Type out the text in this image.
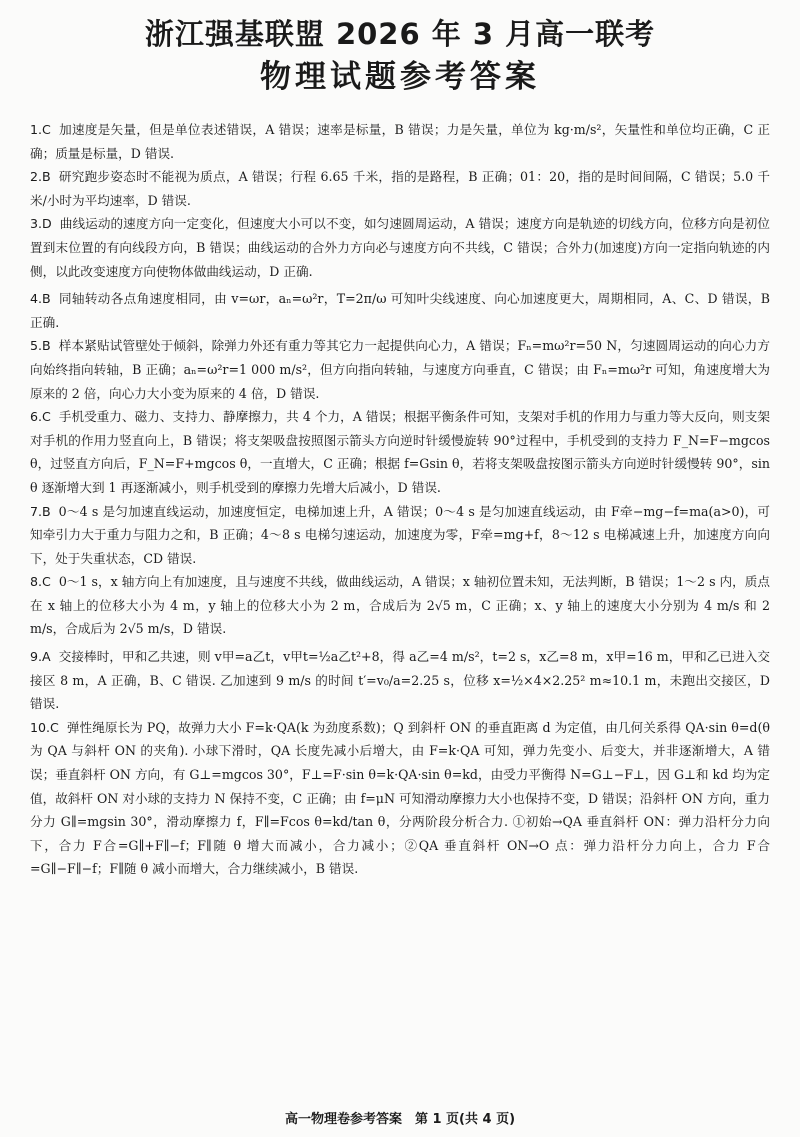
浙江强基联盟 2026 年 3 月高一联考
物理试题参考答案
1.C 加速度是矢量，但是单位表述错误，A 错误；速率是标量，B 错误；力是矢量，单位为 kg·m/s²，矢量性和单位均正确，C 正确；质量是标量，D 错误.
2.B 研究跑步姿态时不能视为质点，A 错误；行程 6.65 千米，指的是路程，B 正确；01：20，指的是时间间隔，C 错误；5.0 千米/小时为平均速率，D 错误.
3.D 曲线运动的速度方向一定变化，但速度大小可以不变，如匀速圆周运动，A 错误；速度方向是轨迹的切线方向，位移方向是初位置到末位置的有向线段方向，B 错误；曲线运动的合外力方向必与速度方向不共线，C 错误；合外力(加速度)方向一定指向轨迹的内侧，以此改变速度方向使物体做曲线运动，D 正确.
4.B 同轴转动各点角速度相同，由 v=ωr，aₙ=ω²r，T=2π/ω 可知叶尖线速度、向心加速度更大，周期相同，A、C、D 错误，B 正确.
5.B 样本紧贴试管壁处于倾斜，除弹力外还有重力等其它力一起提供向心力，A 错误；Fₙ=mω²r=50 N，匀速圆周运动的向心力方向始终指向转轴，B 正确；aₙ=ω²r=1 000 m/s²，但方向指向转轴，与速度方向垂直，C 错误；由 Fₙ=mω²r 可知，角速度增大为原来的 2 倍，向心力大小变为原来的 4 倍，D 错误.
6.C 手机受重力、磁力、支持力、静摩擦力，共 4 个力，A 错误；根据平衡条件可知，支架对手机的作用力与重力等大反向，则支架对手机的作用力竖直向上，B 错误；将支架吸盘按照图示箭头方向逆时针缓慢旋转 90°过程中，手机受到的支持力 F_N=F−mgcos θ，过竖直方向后，F_N=F+mgcos θ，一直增大，C 正确；根据 f=Gsin θ，若将支架吸盘按图示箭头方向逆时针缓慢转 90°，sin θ 逐渐增大到 1 再逐渐减小，则手机受到的摩擦力先增大后减小，D 错误.
7.B 0～4 s 是匀加速直线运动，加速度恒定，电梯加速上升，A 错误；0～4 s 是匀加速直线运动，由 F牵−mg−f=ma(a>0)，可知牵引力大于重力与阻力之和，B 正确；4～8 s 电梯匀速运动，加速度为零，F牵=mg+f，8～12 s 电梯减速上升，加速度方向向下，处于失重状态，CD 错误.
8.C 0～1 s，x 轴方向上有加速度，且与速度不共线，做曲线运动，A 错误；x 轴初位置未知，无法判断，B 错误；1～2 s 内，质点在 x 轴上的位移大小为 4 m，y 轴上的位移大小为 2 m，合成后为 2√5 m，C 正确；x、y 轴上的速度大小分别为 4 m/s 和 2 m/s，合成后为 2√5 m/s，D 错误.
9.A 交接棒时，甲和乙共速，则 v甲=a乙t，v甲t=½a乙t²+8，得 a乙=4 m/s²，t=2 s，x乙=8 m，x甲=16 m，甲和乙已进入交接区 8 m，A 正确，B、C 错误. 乙加速到 9 m/s 的时间 t′=v₀/a=2.25 s，位移 x=½×4×2.25² m≈10.1 m，未跑出交接区，D 错误.
10.C 弹性绳原长为 PQ，故弹力大小 F=k·QA(k 为劲度系数)；Q 到斜杆 ON 的垂直距离 d 为定值，由几何关系得 QA·sin θ=d(θ 为 QA 与斜杆 ON 的夹角). 小球下滑时，QA 长度先减小后增大，由 F=k·QA 可知，弹力先变小、后变大，并非逐渐增大，A 错误；垂直斜杆 ON 方向，有 G⊥=mgcos 30°，F⊥=F·sin θ=k·QA·sin θ=kd，由受力平衡得 N=G⊥−F⊥，因 G⊥和 kd 均为定值，故斜杆 ON 对小球的支持力 N 保持不变，C 正确；由 f=μN 可知滑动摩擦力大小也保持不变，D 错误；沿斜杆 ON 方向，重力分力 G∥=mgsin 30°，滑动摩擦力 f，F∥=Fcos θ=kd/tan θ，分两阶段分析合力. ①初始→QA 垂直斜杆 ON：弹力沿杆分力向下，合力 F合=G∥+F∥−f；F∥随 θ 增大而减小，合力减小；②QA 垂直斜杆 ON→O 点：弹力沿杆分力向上，合力 F合=G∥−F∥−f；F∥随 θ 减小而增大，合力继续减小，B 错误.
高一物理卷参考答案　第 1 页(共 4 页)
